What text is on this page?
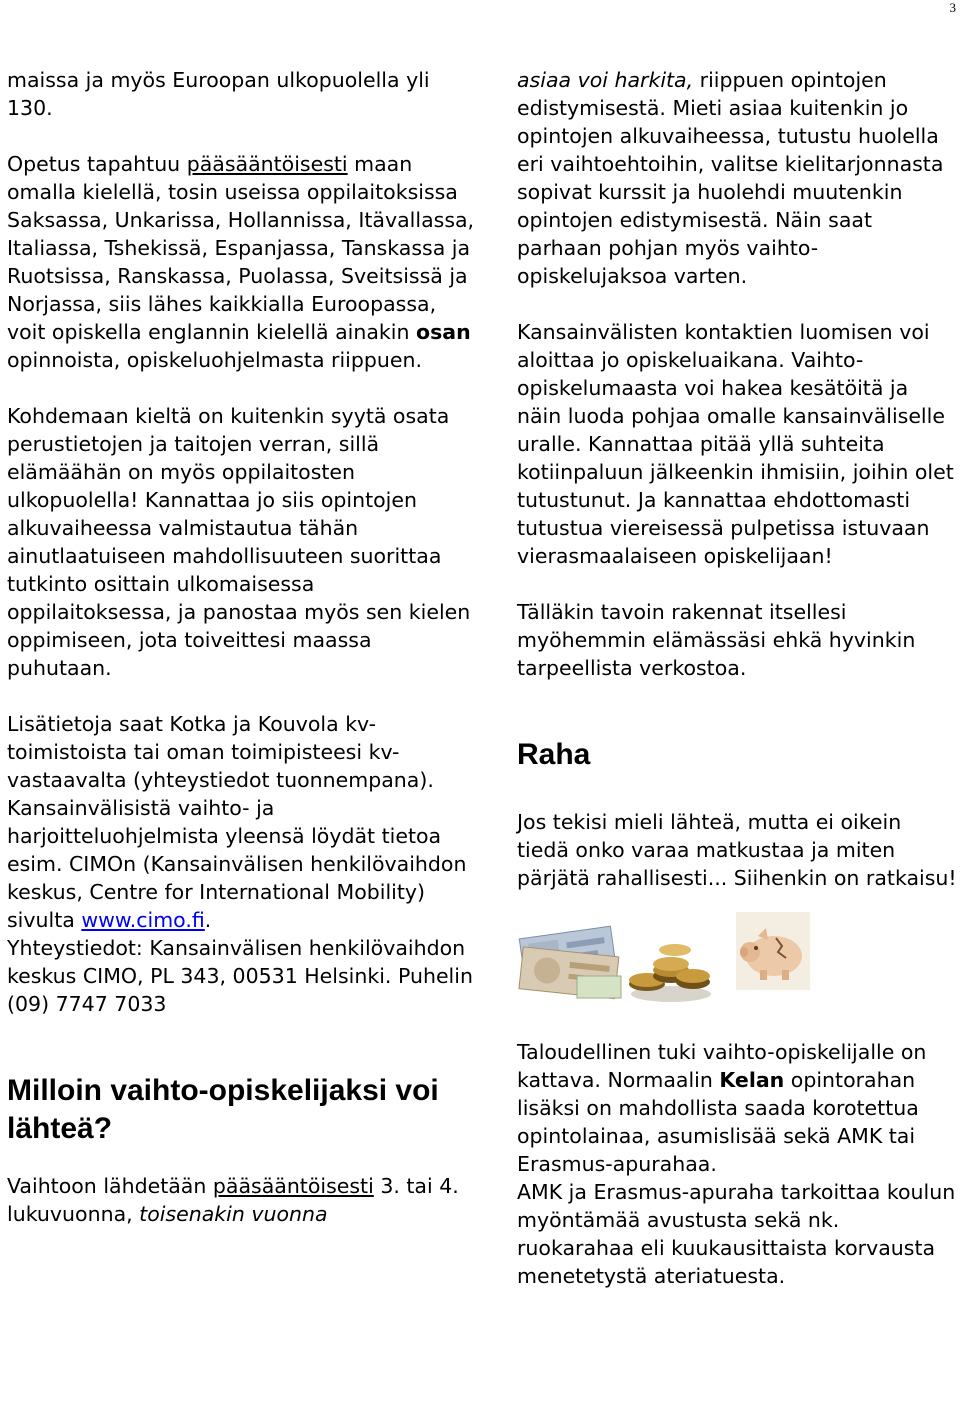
3

maissa ja myös Euroopan ulkopuolella yli 130.

Opetus tapahtuu pääsääntöisesti maan omalla kielellä, tosin useissa oppilaitoksissa Saksassa, Unkarissa, Hollannissa, Itävallassa, Italiassa, Tshekissä, Espanjassa, Tanskassa ja Ruotsissa, Ranskassa, Puolassa, Sveitsissä ja Norjassa, siis lähes kaikkialla Euroopassa, voit opiskella englannin kielellä ainakin osan opinnoista, opiskeluohjelmasta riippuen.

Kohdemaan kieltä on kuitenkin syytä osata perustietojen ja taitojen verran, sillä elämäähän on myös oppilaitosten ulkopuolella! Kannattaa jo siis opintojen alkuvaiheessa valmistautua tähän ainutlaatuiseen mahdollisuuteen suorittaa tutkinto osittain ulkomaisessa oppilaitoksessa, ja panostaa myös sen kielen oppimiseen, jota toiveittesi maassa puhutaan.

Lisätietoja saat Kotka ja Kouvola kv-toimistoista tai oman toimipisteesi kv-vastaavalta (yhteystiedot tuonnempana).

Kansainvälisistä vaihto- ja harjoitteluohjelmista yleensä löydät tietoa esim. CIMOn (Kansainvälisen henkilövaihdon keskus, Centre for International Mobility) sivulta www.cimo.fi.

Yhteystiedot: Kansainvälisen henkilövaihdon keskus CIMO, PL 343, 00531 Helsinki. Puhelin (09) 7747 7033

Milloin vaihto-opiskelijaksi voi lähteä?

Vaihtoon lähdetään pääsääntöisesti 3. tai 4. lukuvuonna, toisenakin vuonna

asiaa voi harkita, riippuen opintojen edistymisestä. Mieti asiaa kuitenkin jo opintojen alkuvaiheessa, tutustu huolella eri vaihtoehtoihin, valitse kielitarjonnasta sopivat kurssit ja huolehdi muutenkin opintojen edistymisestä. Näin saat parhaan pohjan myös vaihto-opiskelujaksoa varten.

Kansainvälisten kontaktien luomisen voi aloittaa jo opiskeluaikana. Vaihto-opiskelumaasta voi hakea kesätöitä ja näin luoda pohjaa omalle kansainväliselle uralle. Kannattaa pitää yllä suhteita kotiinpaluun jälkeenkin ihmisiin, joihin olet tutustunut. Ja kannattaa ehdottomasti tutustua viereisessä pulpetissa istuvaan vierasmaalaiseen opiskelijaan!

Tälläkin tavoin rakennat itsellesi myöhemmin elämässäsi ehkä hyvinkin tarpeellista verkostoa.

Raha

Jos tekisi mieli lähteä, mutta ei oikein tiedä onko varaa matkustaa ja miten pärjätä rahallisesti... Siihenkin on ratkaisu!

Taloudellinen tuki vaihto-opiskelijalle on kattava. Normaalin Kelan opintorahan lisäksi on mahdollista saada korotettua opintolainaa, asumislisää sekä AMK tai Erasmus-apurahaa.

AMK ja Erasmus-apuraha tarkoittaa koulun myöntämää avustusta sekä nk. ruokarahaa eli kuukausittaista korvausta menetetystä ateriatuesta.
